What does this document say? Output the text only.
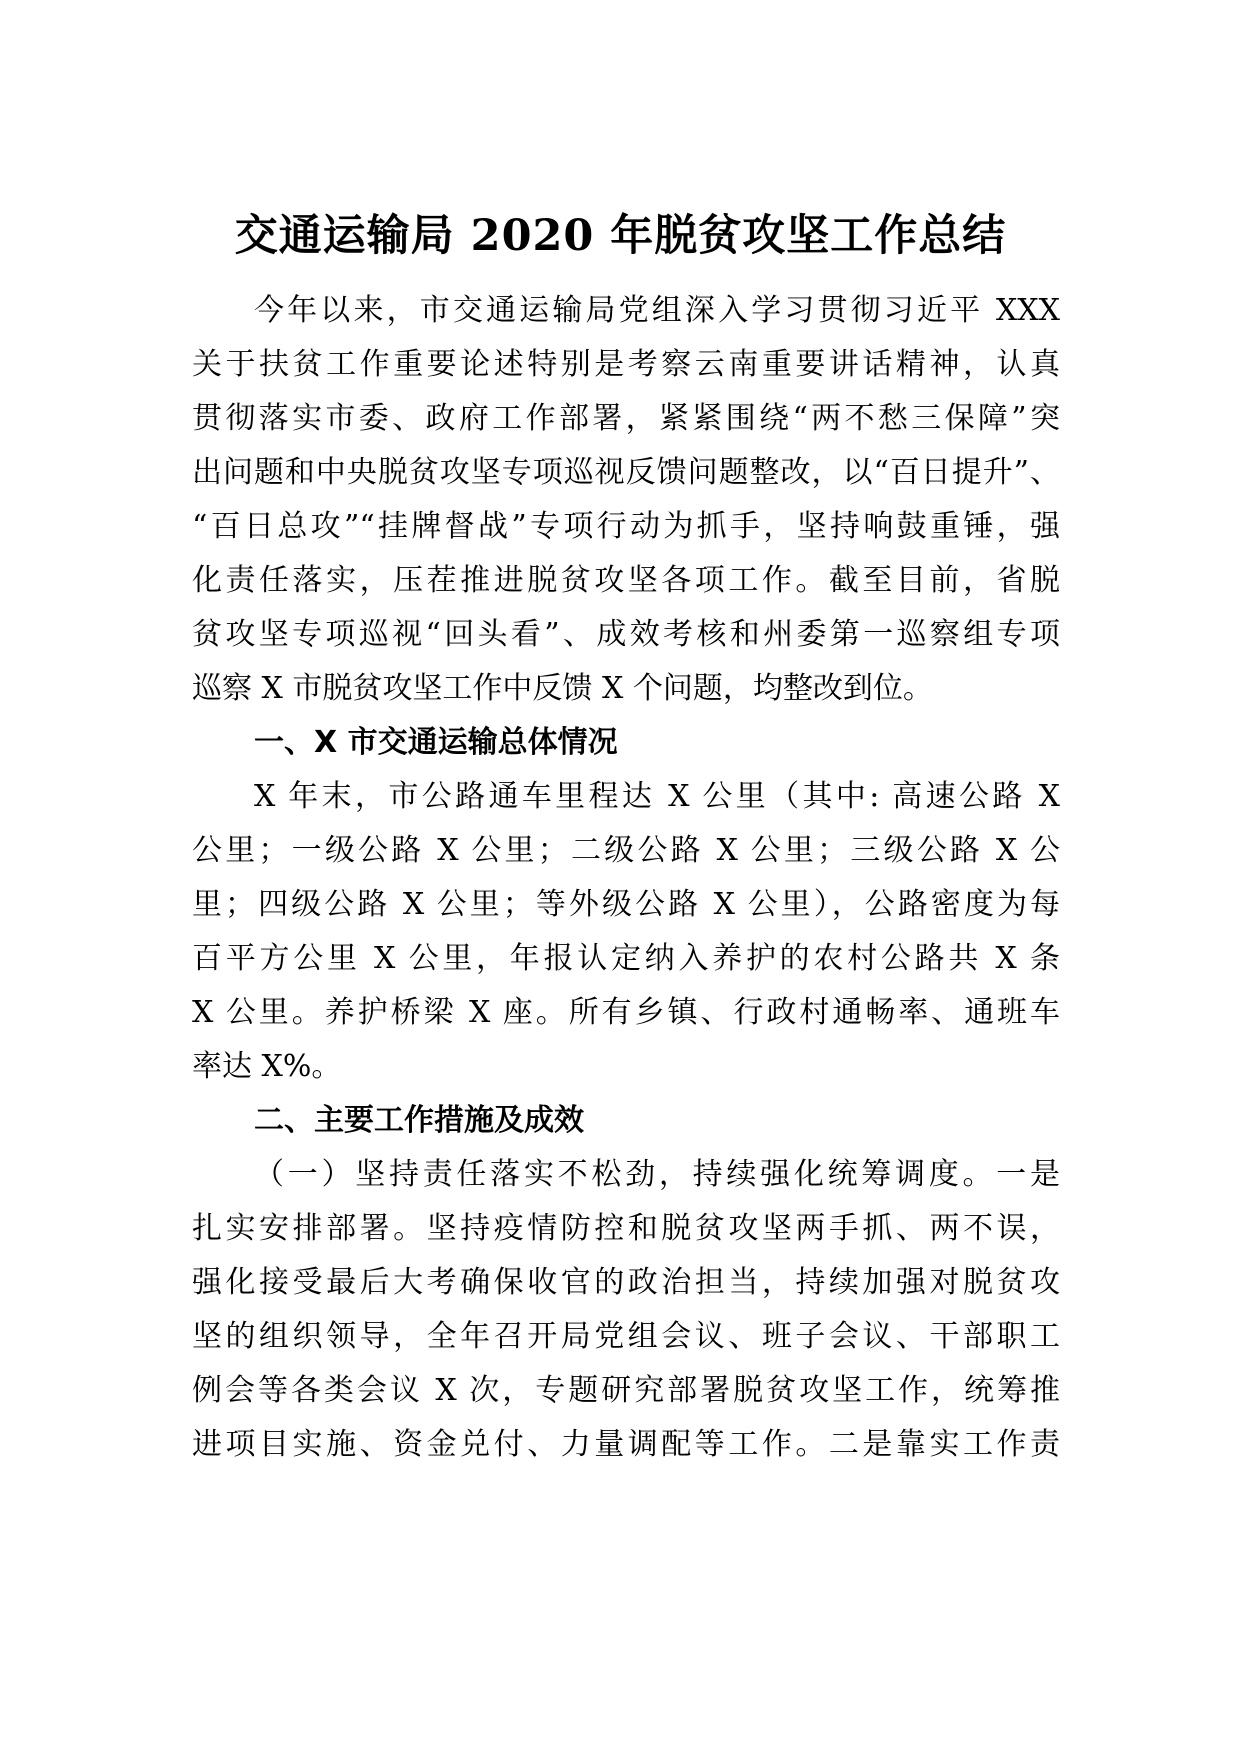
交通运输局 2020 年脱贫攻坚工作总结
今年以来，市交通运输局党组深入学习贯彻习近平 XXX
关于扶贫工作重要论述特别是考察云南重要讲话精神，认真
贯彻落实市委、政府工作部署，紧紧围绕“两不愁三保障”突
出问题和中央脱贫攻坚专项巡视反馈问题整改，以“百日提升”、
“百日总攻”“挂牌督战”专项行动为抓手，坚持响鼓重锤，强
化责任落实，压茬推进脱贫攻坚各项工作。截至目前，省脱
贫攻坚专项巡视“回头看”、成效考核和州委第一巡察组专项
巡察 X 市脱贫攻坚工作中反馈 X 个问题，均整改到位。
一、X 市交通运输总体情况
X 年末，市公路通车里程达 X 公里（其中: 高速公路 X
公里；一级公路 X 公里；二级公路 X 公里；三级公路 X 公
里；四级公路 X 公里；等外级公路 X 公里），公路密度为每
百平方公里 X 公里，年报认定纳入养护的农村公路共 X 条
X 公里。养护桥梁 X 座。所有乡镇、行政村通畅率、通班车
率达 X%。
二、主要工作措施及成效
（一）坚持责任落实不松劲，持续强化统筹调度。一是
扎实安排部署。坚持疫情防控和脱贫攻坚两手抓、两不误，
强化接受最后大考确保收官的政治担当，持续加强对脱贫攻
坚的组织领导，全年召开局党组会议、班子会议、干部职工
例会等各类会议 X 次，专题研究部署脱贫攻坚工作，统筹推
进项目实施、资金兑付、力量调配等工作。二是靠实工作责
